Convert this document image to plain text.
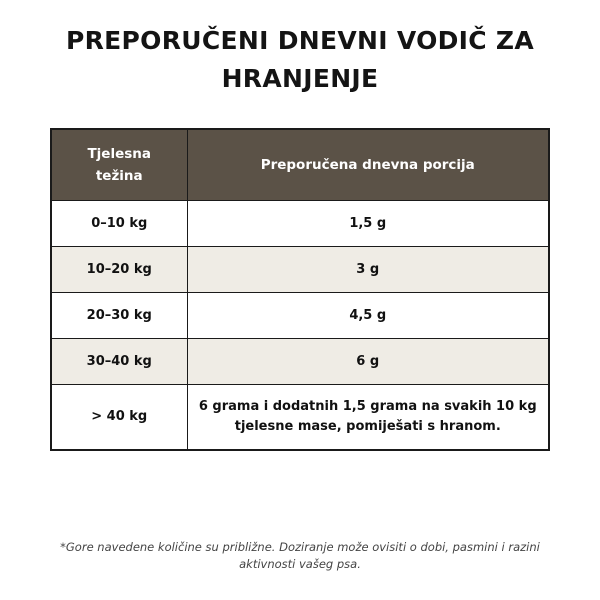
PREPORUČENI DNEVNI VODIČ ZA HRANJENJE
Tjelesna težina	Preporučena dnevna porcija
0–10 kg	1,5 g
10–20 kg	3 g
20–30 kg	4,5 g
30–40 kg	6 g
> 40 kg	6 grama i dodatnih 1,5 grama na svakih 10 kg tjelesne mase, pomiješati s hranom.
*Gore navedene količine su približne. Doziranje može ovisiti o dobi, pasmini i razini aktivnosti vašeg psa.
